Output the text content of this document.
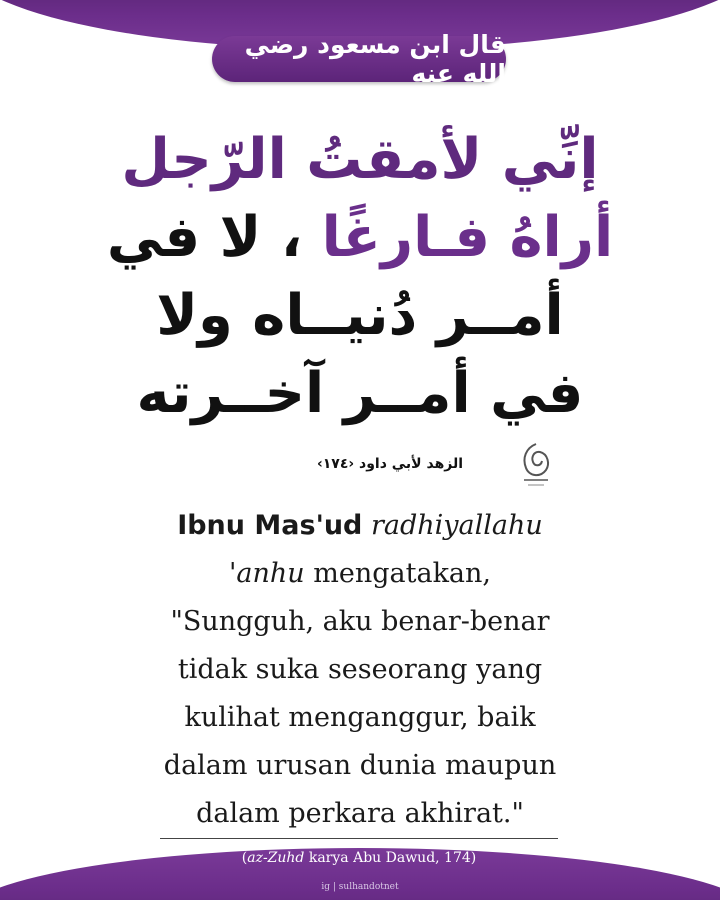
قال ابن مسعود رضي الله عنه
إنِّي لأمقتُ الرّجل
أراهُ فـارغًا ، لا في
أمــر دُنيــاه ولا
في أمــر آخــرته
الزهد لأبي داود ‹١٧٤›
Ibnu Mas'ud radhiyallahu
'anhu mengatakan,
"Sungguh, aku benar-benar
tidak suka seseorang yang
kulihat menganggur, baik
dalam urusan dunia maupun
dalam perkara akhirat."
(az-Zuhd karya Abu Dawud, 174)
ig | sulhandotnet
